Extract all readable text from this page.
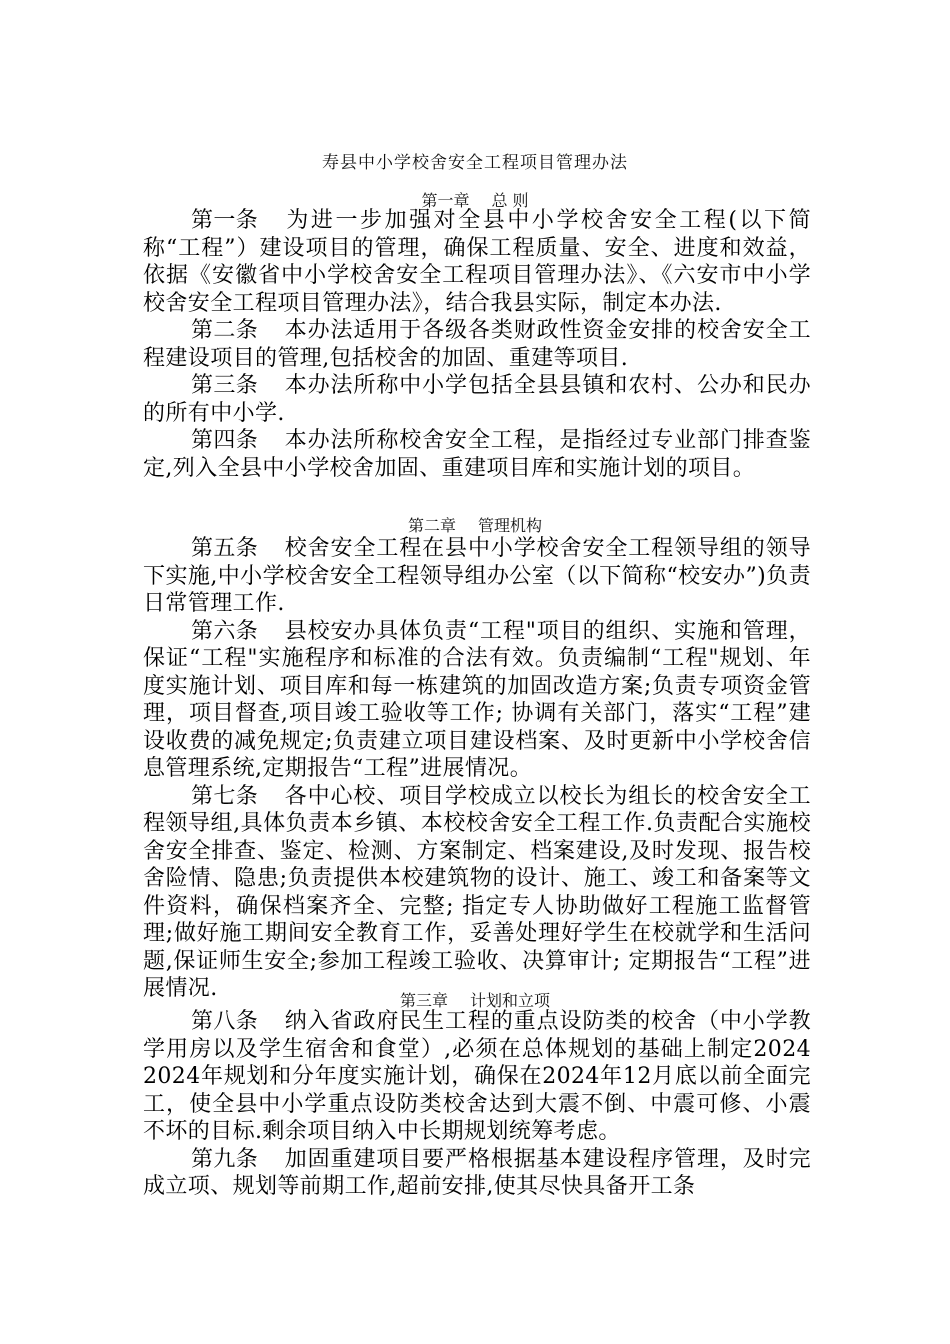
寿县中小学校舍安全工程项目管理办法
第一章 总 则

第一条 为进一步加强对全县中小学校舍安全工程(以下简称“工程”）建设项目的管理，确保工程质量、安全、进度和效益，依据《安徽省中小学校舍安全工程项目管理办法》、《六安市中小学校舍安全工程项目管理办法》，结合我县实际，制定本办法.

第二条 本办法适用于各级各类财政性资金安排的校舍安全工程建设项目的管理,包括校舍的加固、重建等项目.

第三条 本办法所称中小学包括全县县镇和农村、公办和民办的所有中小学.

第四条 本办法所称校舍安全工程，是指经过专业部门排查鉴定,列入全县中小学校舍加固、重建项目库和实施计划的项目。

第二章 管理机构

第五条 校舍安全工程在县中小学校舍安全工程领导组的领导下实施,中小学校舍安全工程领导组办公室（以下简称“校安办”)负责日常管理工作.

第六条 县校安办具体负责“工程"项目的组织、实施和管理，保证“工程"实施程序和标准的合法有效。负责编制“工程"规划、年度实施计划、项目库和每一栋建筑的加固改造方案;负责专项资金管理，项目督查,项目竣工验收等工作; 协调有关部门，落实“工程”建设收费的减免规定;负责建立项目建设档案、及时更新中小学校舍信息管理系统,定期报告“工程”进展情况。

第七条 各中心校、项目学校成立以校长为组长的校舍安全工程领导组,具体负责本乡镇、本校校舍安全工程工作.负责配合实施校舍安全排查、鉴定、检测、方案制定、档案建设,及时发现、报告校舍险情、隐患;负责提供本校建筑物的设计、施工、竣工和备案等文件资料，确保档案齐全、完整; 指定专人协助做好工程施工监督管理;做好施工期间安全教育工作，妥善处理好学生在校就学和生活问题,保证师生安全;参加工程竣工验收、决算审计; 定期报告“工程”进展情况.	第三章 计划和立项

第八条 纳入省政府民生工程的重点设防类的校舍（中小学教学用房以及学生宿舍和食堂）,必须在总体规划的基础上制定2024 2024年规划和分年度实施计划，确保在2024年12月底以前全面完工，使全县中小学重点设防类校舍达到大震不倒、中震可修、小震不坏的目标.剩余项目纳入中长期规划统筹考虑。

第九条 加固重建项目要严格根据基本建设程序管理，及时完成立项、规划等前期工作,超前安排,使其尽快具备开工条
